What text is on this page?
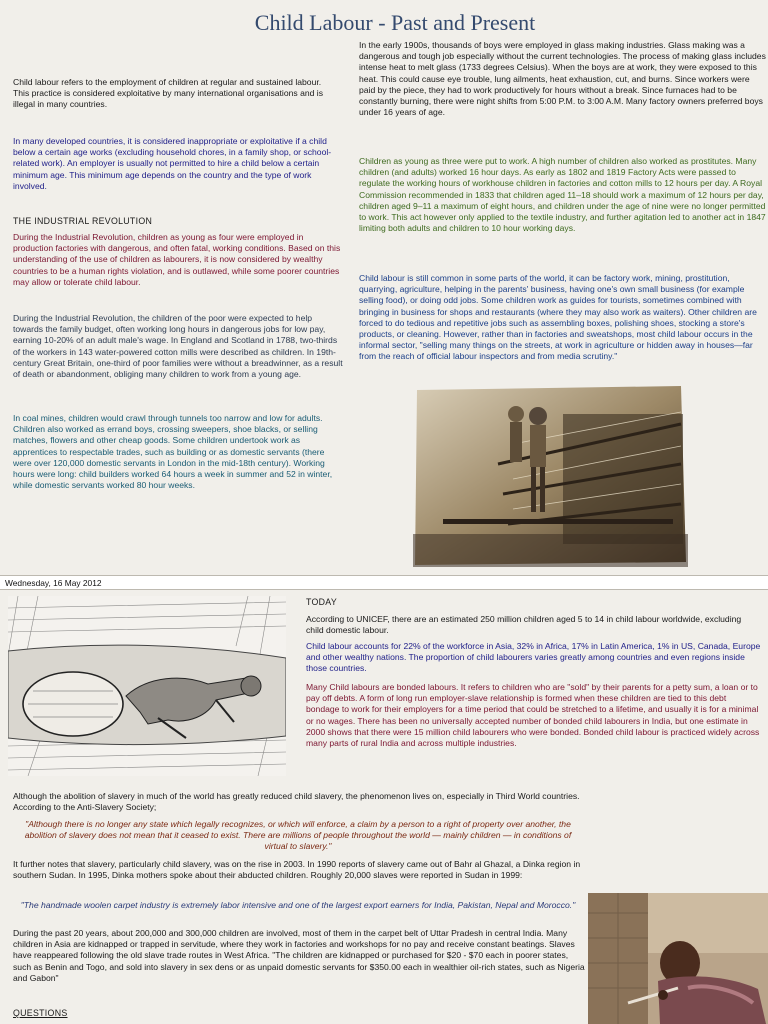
Child Labour - Past and Present

Child labour refers to the employment of children at regular and sustained labour. This practice is considered exploitative by many international organisations and is illegal in many countries.

In many developed countries, it is considered inappropriate or exploitative if a child below a certain age works (excluding household chores, in a family shop, or school-related work). An employer is usually not permitted to hire a child below a certain minimum age. This minimum age depends on the country and the type of work involved.

THE INDUSTRIAL REVOLUTION

During the Industrial Revolution, children as young as four were employed in production factories with dangerous, and often fatal, working conditions. Based on this understanding of the use of children as labourers, it is now considered by wealthy countries to be a human rights violation, and is outlawed, while some poorer countries may allow or tolerate child labour.

During the Industrial Revolution, the children of the poor were expected to help towards the family budget, often working long hours in dangerous jobs for low pay, earning 10-20% of an adult male's wage. In England and Scotland in 1788, two-thirds of the workers in 143 water-powered cotton mills were described as children. In 19th-century Great Britain, one-third of poor families were without a breadwinner, as a result of death or abandonment, obliging many children to work from a young age.

In coal mines, children would crawl through tunnels too narrow and low for adults. Children also worked as errand boys, crossing sweepers, shoe blacks, or selling matches, flowers and other cheap goods. Some children undertook work as apprentices to respectable trades, such as building or as domestic servants (there were over 120,000 domestic servants in London in the mid-18th century). Working hours were long: child builders worked 64 hours a week in summer and 52 in winter, while domestic servants worked 80 hour weeks.

In the early 1900s, thousands of boys were employed in glass making industries. Glass making was a dangerous and tough job especially without the current technologies. The process of making glass includes intense heat to melt glass (1733 degrees Celsius). When the boys are at work, they were exposed to this heat. This could cause eye trouble, lung ailments, heat exhaustion, cut, and burns. Since workers were paid by the piece, they had to work productively for hours without a break. Since furnaces had to be constantly burning, there were night shifts from 5:00 P.M. to 3:00 A.M. Many factory owners preferred boys under 16 years of age.

Children as young as three were put to work. A high number of children also worked as prostitutes. Many children (and adults) worked 16 hour days. As early as 1802 and 1819 Factory Acts were passed to regulate the working hours of workhouse children in factories and cotton mills to 12 hours per day. A Royal Commission recommended in 1833 that children aged 11–18 should work a maximum of 12 hours per day, children aged 9–11 a maximum of eight hours, and children under the age of nine were no longer permitted to work. This act however only applied to the textile industry, and further agitation led to another act in 1847 limiting both adults and children to 10 hour working days.

Child labour is still common in some parts of the world, it can be factory work, mining, prostitution, quarrying, agriculture, helping in the parents' business, having one's own small business (for example selling food), or doing odd jobs. Some children work as guides for tourists, sometimes combined with bringing in business for shops and restaurants (where they may also work as waiters). Other children are forced to do tedious and repetitive jobs such as assembling boxes, polishing shoes, stocking a store's products, or cleaning. However, rather than in factories and sweatshops, most child labour occurs in the informal sector, "selling many things on the streets, at work in agriculture or hidden away in houses—far from the reach of official labour inspectors and from media scrutiny."

Wednesday, 16 May 2012

TODAY

According to UNICEF, there are an estimated 250 million children aged 5 to 14 in child labour worldwide, excluding child domestic labour.

Child labour accounts for 22% of the workforce in Asia, 32% in Africa, 17% in Latin America, 1% in US, Canada, Europe and other wealthy nations. The proportion of child labourers varies greatly among countries and even regions inside those countries.

Many Child labours are bonded labours. It refers to children who are "sold" by their parents for a petty sum, a loan or to pay off debts. A form of long run employer-slave relationship is formed when these children are tied to this debt bondage to work for their employers for a time period that could be stretched to a lifetime, and usually it is for a minimal or no wages. There has been no universally accepted number of bonded child labourers in India, but one estimate in 2000 shows that there were 15 million child labourers who were bonded. Bonded child labour is practiced widely across many parts of rural India and across multiple industries.

Although the abolition of slavery in much of the world has greatly reduced child slavery, the phenomenon lives on, especially in Third World countries. According to the Anti-Slavery Society;

"Although there is no longer any state which legally recognizes, or which will enforce, a claim by a person to a right of property over another, the abolition of slavery does not mean that it ceased to exist. There are millions of people throughout the world — mainly children — in conditions of virtual to slavery."

It further notes that slavery, particularly child slavery, was on the rise in 2003. In 1990 reports of slavery came out of Bahr al Ghazal, a Dinka region in southern Sudan. In 1995, Dinka mothers spoke about their abducted children. Roughly 20,000 slaves were reported in Sudan in 1999:

"The handmade woolen carpet industry is extremely labor intensive and one of the largest export earners for India, Pakistan, Nepal and Morocco."

During the past 20 years, about 200,000 and 300,000 children are involved, most of them in the carpet belt of Uttar Pradesh in central India. Many children in Asia are kidnapped or trapped in servitude, where they work in factories and workshops for no pay and receive constant beatings. Slaves have reappeared following the old slave trade routes in West Africa. "The children are kidnapped or purchased for $20 - $70 each in poorer states, such as Benin and Togo, and sold into slavery in sex dens or as unpaid domestic servants for $350.00 each in wealthier oil-rich states, such as Nigeria and Gabon"

QUESTIONS
